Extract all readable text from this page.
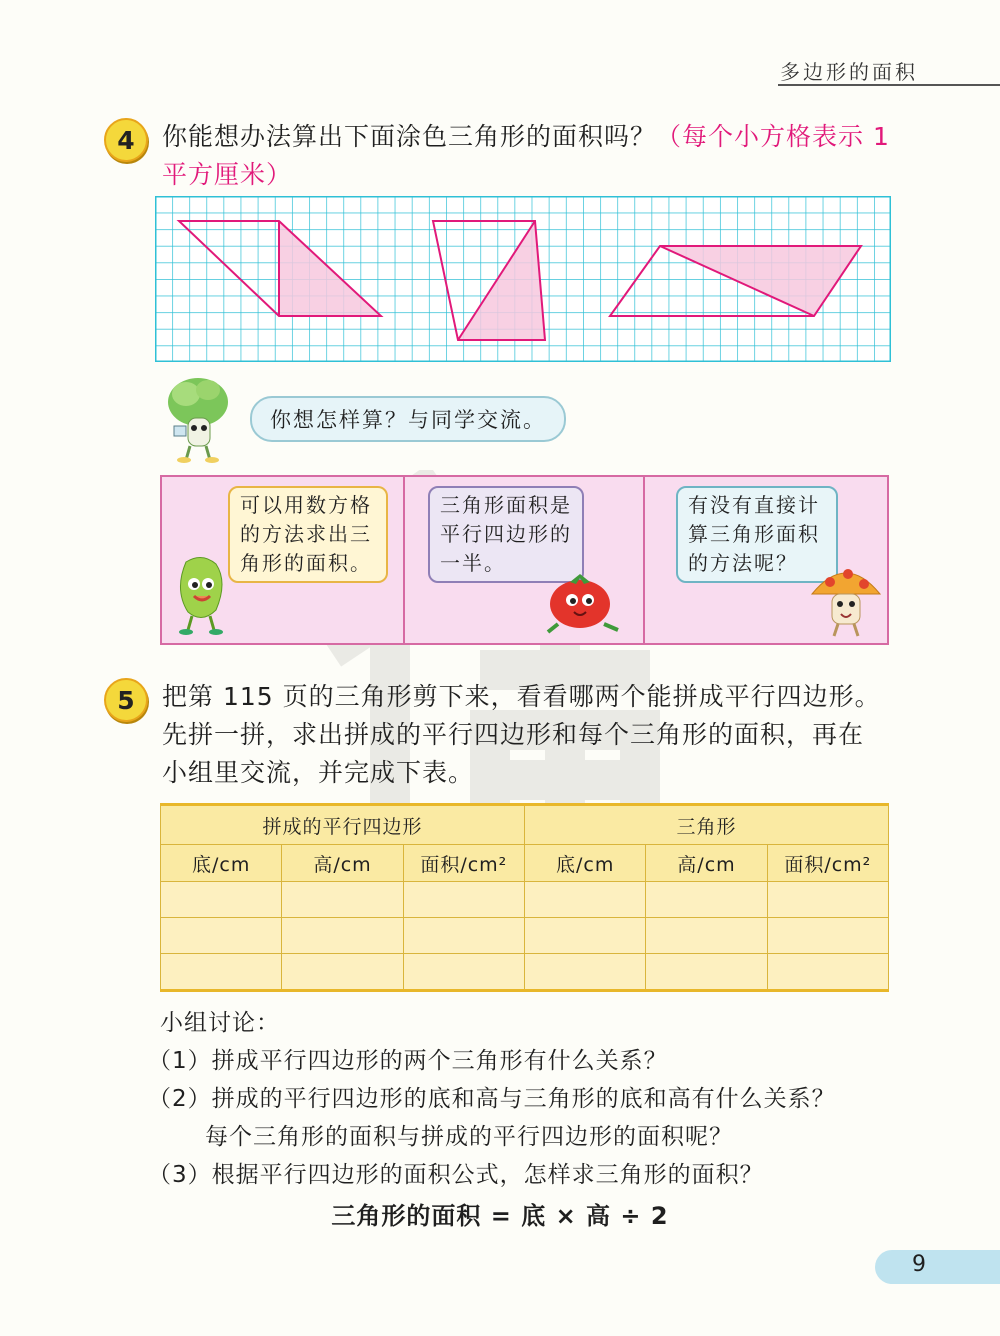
多边形的面积
4	你能想办法算出下面涂色三角形的面积吗？（每个小方格表示 1
平方厘米）
你想怎样算？与同学交流。
可以用数方格
的方法求出三
角形的面积。
三角形面积是
平行四边形的
一半。
有没有直接计
算三角形面积
的方法呢？
5	把第 115 页的三角形剪下来，看看哪两个能拼成平行四边形。
先拼一拼，求出拼成的平行四边形和每个三角形的面积，再在
小组里交流，并完成下表。
拼成的平行四边形			三角形		
底/cm	高/cm	面积/cm²	底/cm	高/cm	面积/cm²

小组讨论：
（1）拼成平行四边形的两个三角形有什么关系？
（2）拼成的平行四边形的底和高与三角形的底和高有什么关系？
每个三角形的面积与拼成的平行四边形的面积呢？
（3）根据平行四边形的面积公式，怎样求三角形的面积？
三角形的面积 = 底 × 高 ÷ 2
9
